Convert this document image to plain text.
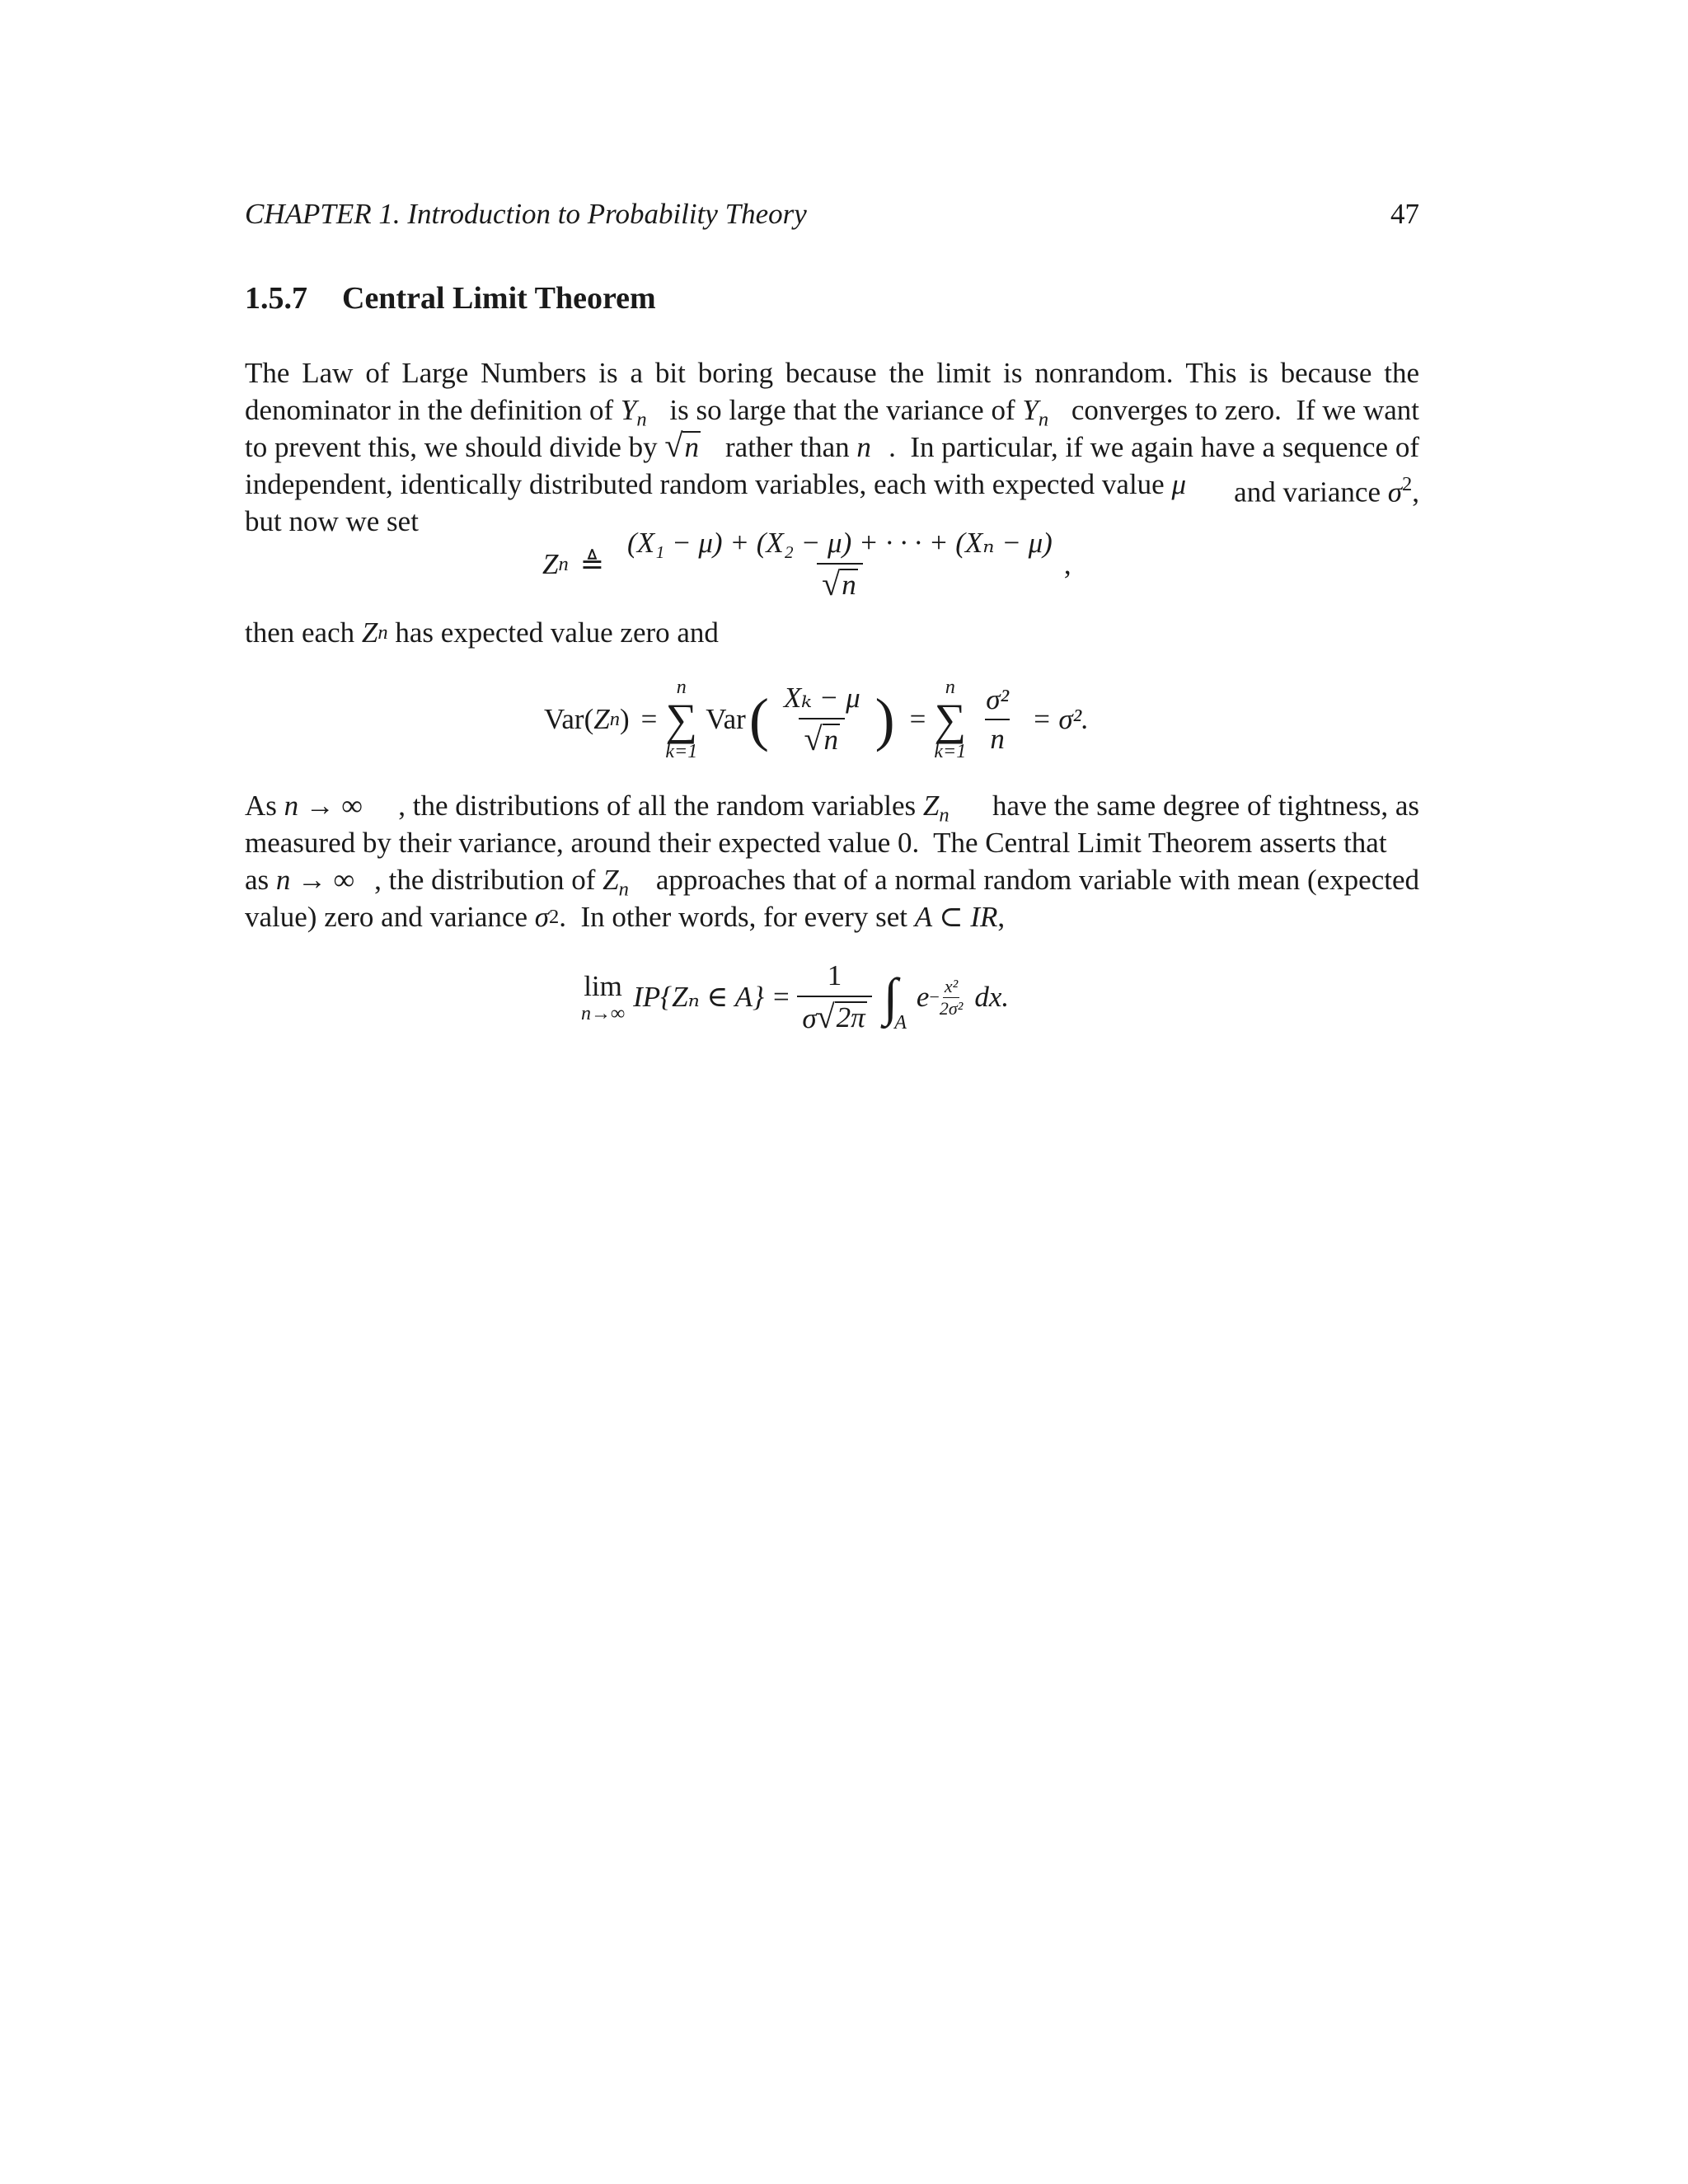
CHAPTER 1. Introduction to Probability Theory	47
1.5.7 Central Limit Theorem
The Law of Large Numbers is a bit boring because the limit is nonrandom. This is because the
denominator in the definition of $Y_n$ is so large that the variance of $Y_n$ converges to zero.  If we want
to prevent this, we should divide by √ n rather than n .  In particular, if we again have a sequence of
independent, identically distributed random variables, each with expected value μ and variance $\sigma^2$,
but now we set
Z n ≜ $\frac{\text{(X₁ − μ) + (X₂ − μ) + · · · + (Xₙ − μ)}}{√ n}$ ,
then each Z n has expected value zero and
Var ( Z n ) =
n
∑
k=1
Var ( $\frac{\text{Xₖ − μ}}{√ n}$ ) =
n
∑
$k=1 \frac{\text{σ²}}{n} = \sigma^2$.
As n → ∞ , the distributions of all the random variables $Z_n$ have the same degree of tightness, as
measured by their variance, around their expected value 0.  The Central Limit Theorem asserts that
as n → ∞ , the distribution of $Z_n$ approaches that of a normal random variable with mean (expected
value) zero and variance σ 2 .  In other words, for every set A ⊂ IR ,
lim
n→∞
IP{Zₙ ∈ $A\} = \frac{1}{\sigma √ 2\pi}$ ∫
A
$e - \frac{\text{x²}}{\text{2σ²}}$ dx.
